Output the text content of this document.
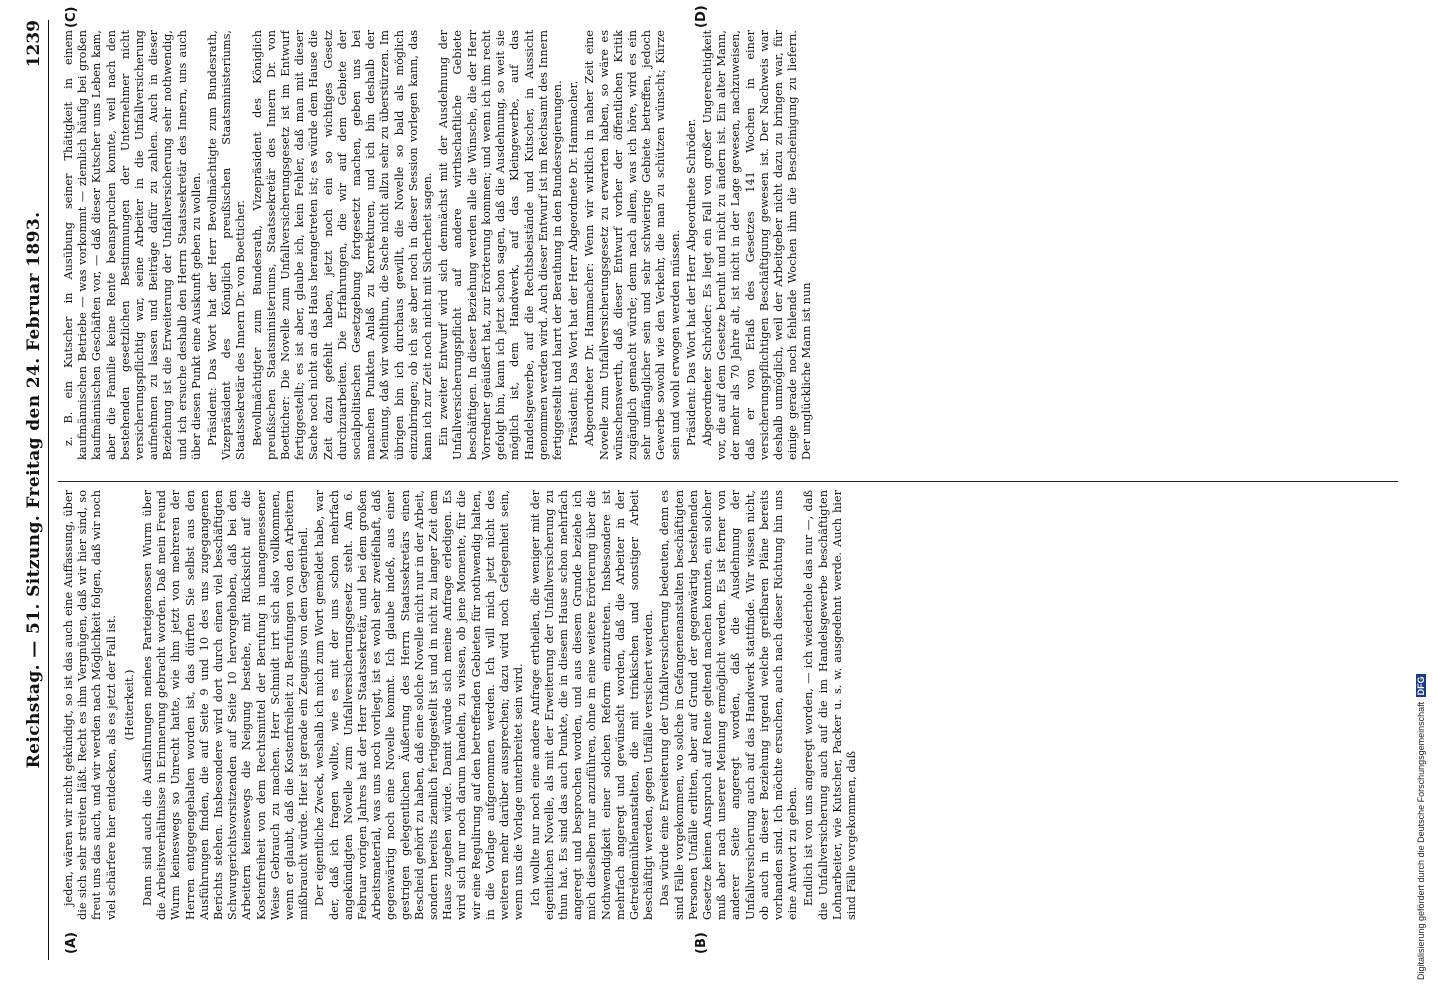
Reichstag. — 51. Sitzung. Freitag den 24. Februar 1893.
1239
(A)	(B)
(C)	(D)

jeden, wären wir nicht gekündigt, so ist das auch eine Auffassung, über die sich sehr streiten läßt. Recht es ihm Vergnügen, daß wir hier sind, so freut uns das auch, und wir werden nach Möglichkeit folgen, daß wir noch viel schärfere hier entdecken, als es jetzt der Fall ist. (Heiterkeit.) Dann sind auch die Ausführungen meines Parteigenossen Wurm über die Arbeitsverhältnisse in Erinnerung gebracht worden. Daß mein Freund Wurm keineswegs so Unrecht hatte, wie ihm jetzt von mehreren der Herren entgegengehalten worden ist, das dürften Sie selbst aus den Ausführungen finden, die auf Seite 9 und 10 des uns zugegangenen Berichts stehen. Insbesondere wird dort durch einen viel beschäftigten Schwurgerichtsvorsitzenden auf Seite 10 hervorgehoben, daß bei den Arbeitern keineswegs die Neigung bestehe, mit Rücksicht auf die Kostenfreiheit von dem Rechtsmittel der Berufung in unangemessener Weise Gebrauch zu machen. Herr Schmidt irrt sich also vollkommen, wenn er glaubt, daß die Kostenfreiheit zu Berufungen von den Arbeitern mißbraucht würde. Hier ist gerade ein Zeugnis von dem Gegentheil. Der eigentliche Zweck, weshalb ich mich zum Wort gemeldet habe, war der, daß ich fragen wollte, wie es mit der uns schon mehrfach angekündigten Novelle zum Unfallversicherungsgesetz steht. Am 6. Februar vorigen Jahres hat der Herr Staatssekretär, und bei dem großen Arbeitsmaterial, was uns noch vorliegt, ist es wohl sehr zweifelhaft, daß gegenwärtig noch eine Novelle kommt. Ich glaube indeß, aus einer gestrigen gelegentlichen Äußerung des Herrn Staatssekretärs einen Bescheid gehört zu haben, daß eine solche Novelle nicht nur in der Arbeit, sondern bereits ziemlich fertiggestellt ist und in nicht zu langer Zeit dem Hause zugehen würde. Damit würde sich meine Anfrage erledigen. Es wird sich nur noch darum handeln, zu wissen, ob jene Momente, für die wir eine Regulirung auf den betreffenden Gebieten für nothwendig halten, in die Vorlage aufgenommen werden. Ich will mich jetzt nicht des weiteren mehr darüber aussprechen; dazu wird noch Gelegenheit sein, wenn uns die Vorlage unterbreitet sein wird. Ich wollte nur noch eine andere Anfrage ertheilen, die weniger mit der eigentlichen Novelle, als mit der Erweiterung der Unfallversicherung zu thun hat. Es sind das auch Punkte, die in diesem Hause schon mehrfach angeregt und besprochen worden, und aus diesem Grunde beziehe ich mich dieselben nur anzuführen, ohne in eine weitere Erörterung über die Nothwendigkeit einer solchen Reform einzutreten. Insbesondere ist mehrfach angeregt und gewünscht worden, daß die Arbeiter in der Getreidemühlenanstalten, die mit trinkischen und sonstiger Arbeit beschäftigt werden, gegen Unfälle versichert werden. Das würde eine Erweiterung der Unfallversicherung bedeuten, denn es sind Fälle vorgekommen, wo solche in Gefangenenanstalten beschäftigten Personen Unfälle erlitten, aber auf Grund der gegenwärtig bestehenden Gesetze keinen Anspruch auf Rente geltend machen konnten, ein solcher muß aber nach unserer Meinung ermöglicht werden. Es ist ferner von anderer Seite angeregt worden, daß die Ausdehnung der Unfallversicherung auch auf das Handwerk stattfinde. Wir wissen nicht, ob auch in dieser Beziehung irgend welche greifbaren Pläne bereits vorhanden sind. Ich möchte ersuchen, auch nach dieser Richtung hin uns eine Antwort zu geben. Endlich ist von uns angeregt worden, — ich wiederhole das nur —, daß die Unfallversicherung auch auf die im Handelsgewerbe beschäftigten Lohnarbeiter, wie Kutscher, Packer u. s. w. ausgedehnt werde. Auch hier sind Fälle vorgekommen, daß

z. B. ein Kutscher in Ausübung seiner Thätigkeit in einem kaufmännischen Betriebe — was vorkommt — ziemlich häufig bei großen kaufmännischen Geschäften vor, — daß dieser Kutscher ums Leben kam, aber die Familie keine Rente beanspruchen konnte, weil nach den bestehenden gesetzlichen Bestimmungen der Unternehmer nicht versicherungspflichtig war, seine Arbeiter in die Unfallversicherung aufnehmen zu lassen und Beiträge dafür zu zahlen. Auch in dieser Beziehung ist die Erweiterung der Unfallversicherung sehr nothwendig, und ich ersuche deshalb den Herrn Staatssekretär des Innern, uns auch über diesen Punkt eine Auskunft geben zu wollen. Präsident: Das Wort hat der Herr Bevollmächtigte zum Bundesrath, Vizepräsident des Königlich preußischen Staatsministeriums, Staatssekretär des Innern Dr. von Boetticher. Bevollmächtigter zum Bundesrath, Vizepräsident des Königlich preußischen Staatsministeriums, Staatssekretär des Innern Dr. von Boetticher: Die Novelle zum Unfallversicherungsgesetz ist im Entwurf fertiggestellt; es ist aber, glaube ich, kein Fehler, daß man mit dieser Sache noch nicht an das Haus herangetreten ist; es würde dem Hause die Zeit dazu gefehlt haben, jetzt noch ein so wichtiges Gesetz durchzuarbeiten. Die Erfahrungen, die wir auf dem Gebiete der socialpolitischen Gesetzgebung fortgesetzt machen, geben uns bei manchen Punkten Anlaß zu Korrekturen, und ich bin deshalb der Meinung, daß wir wohlthun, die Sache nicht allzu sehr zu überstürzen. Im übrigen bin ich durchaus gewillt, die Novelle so bald als möglich einzubringen; ob ich sie aber noch in dieser Session vorlegen kann, das kann ich zur Zeit noch nicht mit Sicherheit sagen. Ein zweiter Entwurf wird sich demnächst mit der Ausdehnung der Unfallversicherungspflicht auf andere wirthschaftliche Gebiete beschäftigen. In dieser Beziehung werden alle die Wünsche, die der Herr Vorredner geäußert hat, zur Erörterung kommen; und wenn ich ihm recht gefolgt bin, kann ich jetzt schon sagen, daß die Ausdehnung, so weit sie möglich ist, dem Handwerk, auf das Kleingewerbe, auf das Handelsgewerbe, auf die Rechtsbeistände und Kutscher, in Aussicht genommen werden wird. Auch dieser Entwurf ist im Reichsamt des Innern fertiggestellt und harrt der Berathung in den Bundesregierungen. Präsident: Das Wort hat der Herr Abgeordnete Dr. Hammacher. Abgeordneter Dr. Hammacher: Wenn wir wirklich in naher Zeit eine Novelle zum Unfallversicherungsgesetz zu erwarten haben, so wäre es wünschenswerth, daß dieser Entwurf vorher der öffentlichen Kritik zugänglich gemacht würde; denn nach allem, was ich höre, wird es ein sehr umfänglicher sein und sehr schwierige Gebiete betreffen, jedoch Gewerbe sowohl wie den Verkehr, die man zu schützen wünscht; Kürze sein und wohl erwogen werden müssen. Präsident: Das Wort hat der Herr Abgeordnete Schröder. Abgeordneter Schröder: Es liegt ein Fall von großer Ungerechtigkeit vor, die auf dem Gesetze beruht und nicht zu ändern ist. Ein alter Mann, der mehr als 70 Jahre alt, ist nicht in der Lage gewesen, nachzuweisen, daß er von Erlaß des Gesetzes 141 Wochen in einer versicherungspflichtigen Beschäftigung gewesen ist. Der Nachweis war deshalb unmöglich, weil der Arbeitgeber nicht dazu zu bringen war, für einige gerade noch fehlende Wochen ihm die Bescheinigung zu liefern. Der unglückliche Mann ist nun

Digitalisierung gefördert durch die Deutsche Forschungsgemeinschaft DFG
